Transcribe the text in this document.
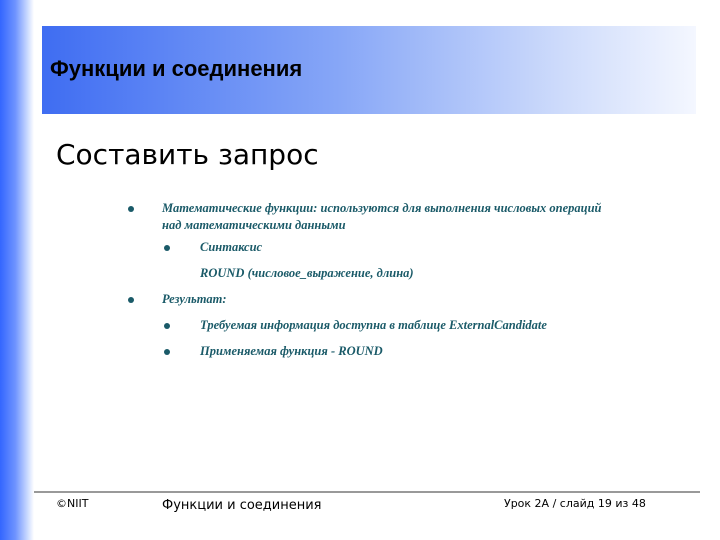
Функции и соединения
Составить запрос
Математические функции: используются для выполнения числовых операций
над математическими данными
Синтаксис
ROUND (числовое_выражение, длина)
Результат:
Требуемая информация доступна в таблице ExternalCandidate
Применяемая функция - ROUND
©NIIT	Функции и соединения	Урок 2А / слайд 19 из 48
